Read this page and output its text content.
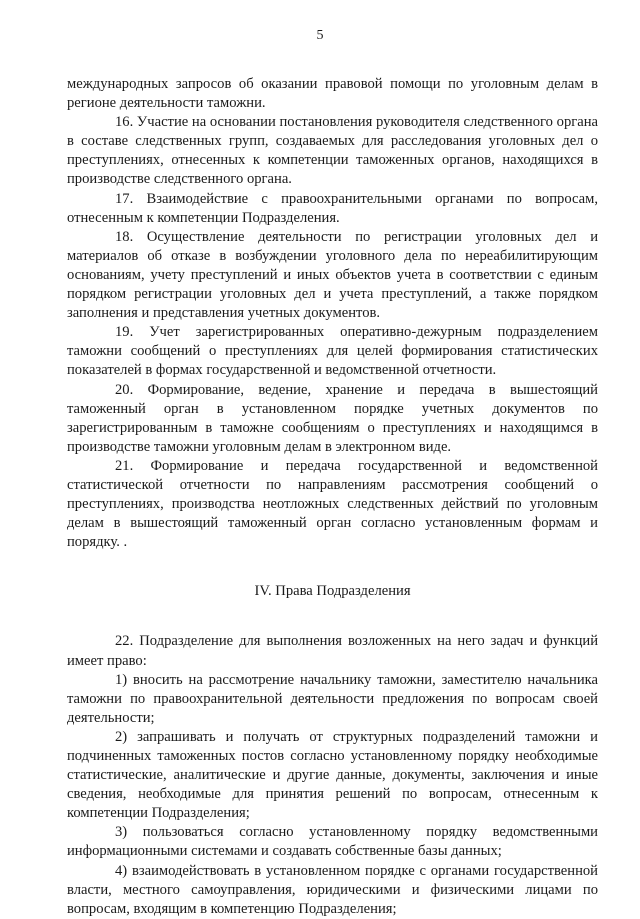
5

международных запросов об оказании правовой помощи по уголовным делам в регионе деятельности таможни.

16. Участие на основании постановления руководителя следственного органа в составе следственных групп, создаваемых для расследования уголовных дел о преступлениях, отнесенных к компетенции таможенных органов, находящихся в производстве следственного органа.

17. Взаимодействие с правоохранительными органами по вопросам, отнесенным к компетенции Подразделения.

18. Осуществление деятельности по регистрации уголовных дел и материалов об отказе в возбуждении уголовного дела по нереабилитирующим основаниям, учету преступлений и иных объектов учета в соответствии с единым порядком регистрации уголовных дел и учета преступлений, а также порядком заполнения и представления учетных документов.

19. Учет зарегистрированных оперативно-дежурным подразделением таможни сообщений о преступлениях для целей формирования статистических показателей в формах государственной и ведомственной отчетности.

20. Формирование, ведение, хранение и передача в вышестоящий таможенный орган в установленном порядке учетных документов по зарегистрированным в таможне сообщениям о преступлениях и находящимся в производстве таможни уголовным делам в электронном виде.

21. Формирование и передача государственной и ведомственной статистической отчетности по направлениям рассмотрения сообщений о преступлениях, производства неотложных следственных действий по уголовным делам в вышестоящий таможенный орган согласно установленным формам и порядку. .

IV. Права Подразделения

22. Подразделение для выполнения возложенных на него задач и функций имеет право:

1) вносить на рассмотрение начальнику таможни, заместителю начальника таможни по правоохранительной деятельности предложения по вопросам своей деятельности;

2) запрашивать и получать от структурных подразделений таможни и подчиненных таможенных постов согласно установленному порядку необходимые статистические, аналитические и другие данные, документы, заключения и иные сведения, необходимые для принятия решений по вопросам, отнесенным к компетенции Подразделения;

3) пользоваться согласно установленному порядку ведомственными информационными системами и создавать собственные базы данных;

4) взаимодействовать в установленном порядке с органами государственной власти, местного самоуправления, юридическими и физическими лицами по вопросам, входящим в компетенцию Подразделения;
